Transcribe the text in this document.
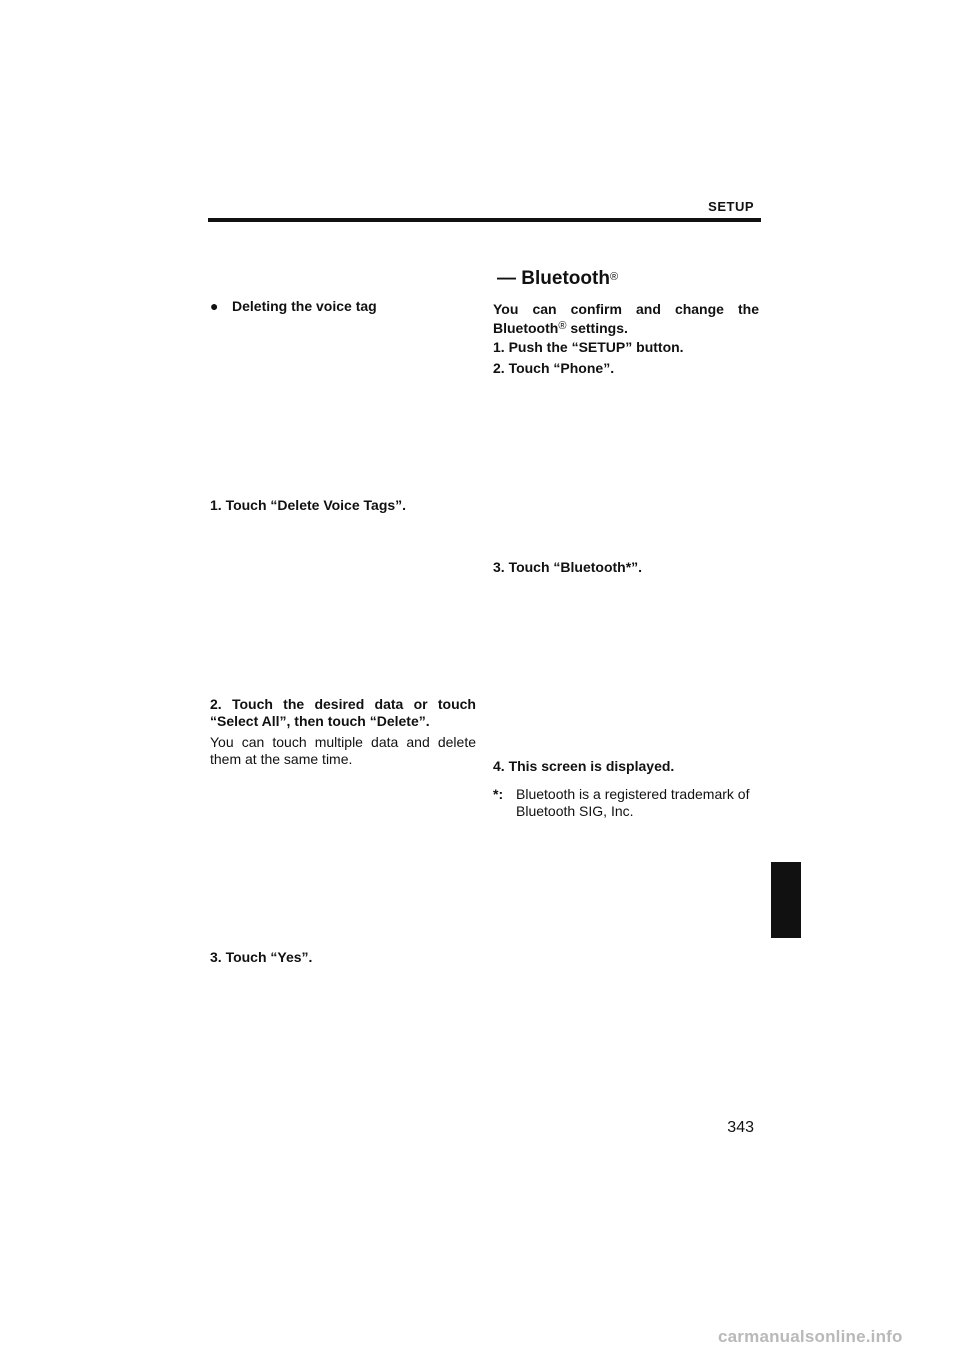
SETUP
● Deleting the voice tag
1. Touch “Delete Voice Tags”.
2. Touch the desired data or touch “Select All”, then touch “Delete”.
You can touch multiple data and delete them at the same time.
3. Touch “Yes”.
— Bluetooth®
You can confirm and change the Bluetooth® settings.
1. Push the “SETUP” button.
2. Touch “Phone”.
3. Touch “Bluetooth*”.
4. This screen is displayed.
*: Bluetooth is a registered trademark of Bluetooth SIG, Inc.
343
carmanualsonline.info
